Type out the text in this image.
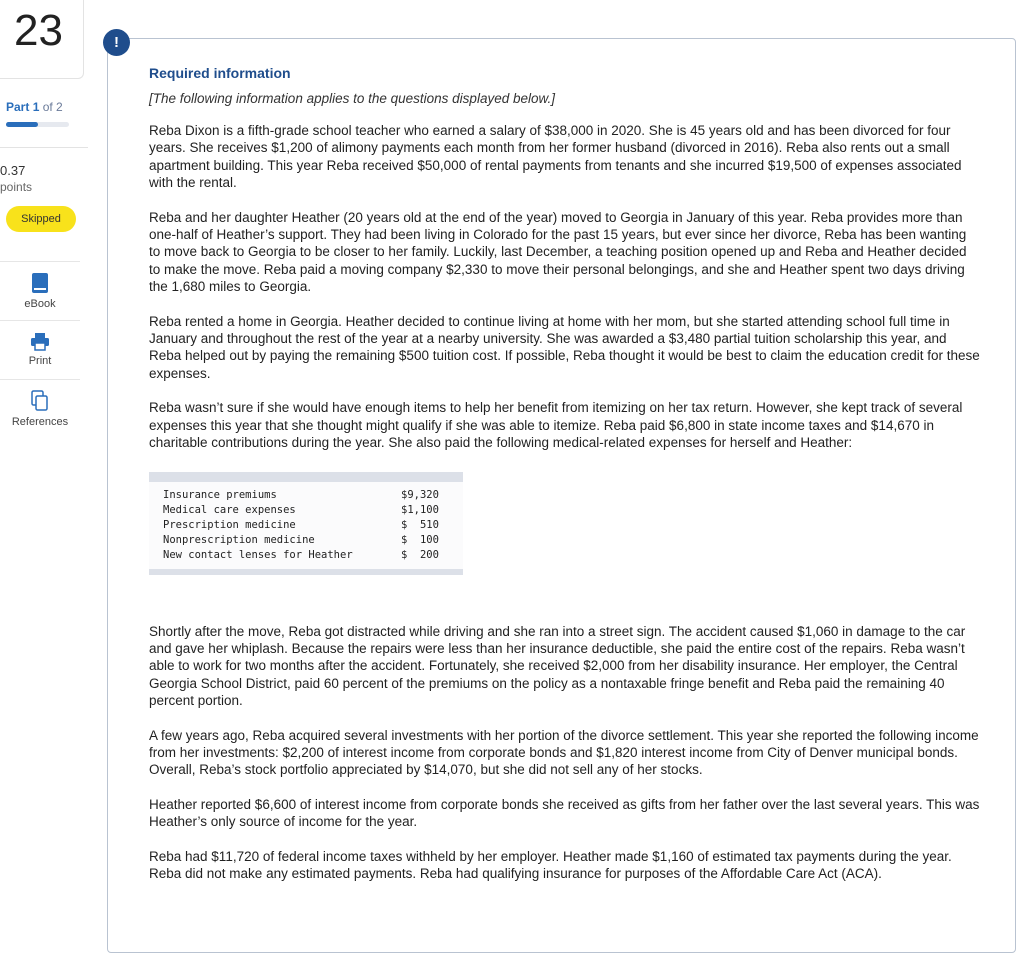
23
Part 1 of 2
0.37
points
Skipped
eBook
Print
References
Required information
[The following information applies to the questions displayed below.]

Reba Dixon is a fifth-grade school teacher who earned a salary of $38,000 in 2020. She is 45 years old and has been divorced for four years. She receives $1,200 of alimony payments each month from her former husband (divorced in 2016). Reba also rents out a small apartment building. This year Reba received $50,000 of rental payments from tenants and she incurred $19,500 of expenses associated with the rental.

Reba and her daughter Heather (20 years old at the end of the year) moved to Georgia in January of this year. Reba provides more than one-half of Heather’s support. They had been living in Colorado for the past 15 years, but ever since her divorce, Reba has been wanting to move back to Georgia to be closer to her family. Luckily, last December, a teaching position opened up and Reba and Heather decided to make the move. Reba paid a moving company $2,330 to move their personal belongings, and she and Heather spent two days driving the 1,680 miles to Georgia.

Reba rented a home in Georgia. Heather decided to continue living at home with her mom, but she started attending school full time in January and throughout the rest of the year at a nearby university. She was awarded a $3,480 partial tuition scholarship this year, and Reba helped out by paying the remaining $500 tuition cost. If possible, Reba thought it would be best to claim the education credit for these expenses.

Reba wasn’t sure if she would have enough items to help her benefit from itemizing on her tax return. However, she kept track of several expenses this year that she thought might qualify if she was able to itemize. Reba paid $6,800 in state income taxes and $14,670 in charitable contributions during the year. She also paid the following medical-related expenses for herself and Heather:

Insurance premiums	$9,320
Medical care expenses	$1,100
Prescription medicine	$  510
Nonprescription medicine	$  100
New contact lenses for Heather	$  200

Shortly after the move, Reba got distracted while driving and she ran into a street sign. The accident caused $1,060 in damage to the car and gave her whiplash. Because the repairs were less than her insurance deductible, she paid the entire cost of the repairs. Reba wasn’t able to work for two months after the accident. Fortunately, she received $2,000 from her disability insurance. Her employer, the Central Georgia School District, paid 60 percent of the premiums on the policy as a nontaxable fringe benefit and Reba paid the remaining 40 percent portion.

A few years ago, Reba acquired several investments with her portion of the divorce settlement. This year she reported the following income from her investments: $2,200 of interest income from corporate bonds and $1,820 interest income from City of Denver municipal bonds. Overall, Reba’s stock portfolio appreciated by $14,070, but she did not sell any of her stocks.

Heather reported $6,600 of interest income from corporate bonds she received as gifts from her father over the last several years. This was Heather’s only source of income for the year.

Reba had $11,720 of federal income taxes withheld by her employer. Heather made $1,160 of estimated tax payments during the year. Reba did not make any estimated payments. Reba had qualifying insurance for purposes of the Affordable Care Act (ACA).

!
